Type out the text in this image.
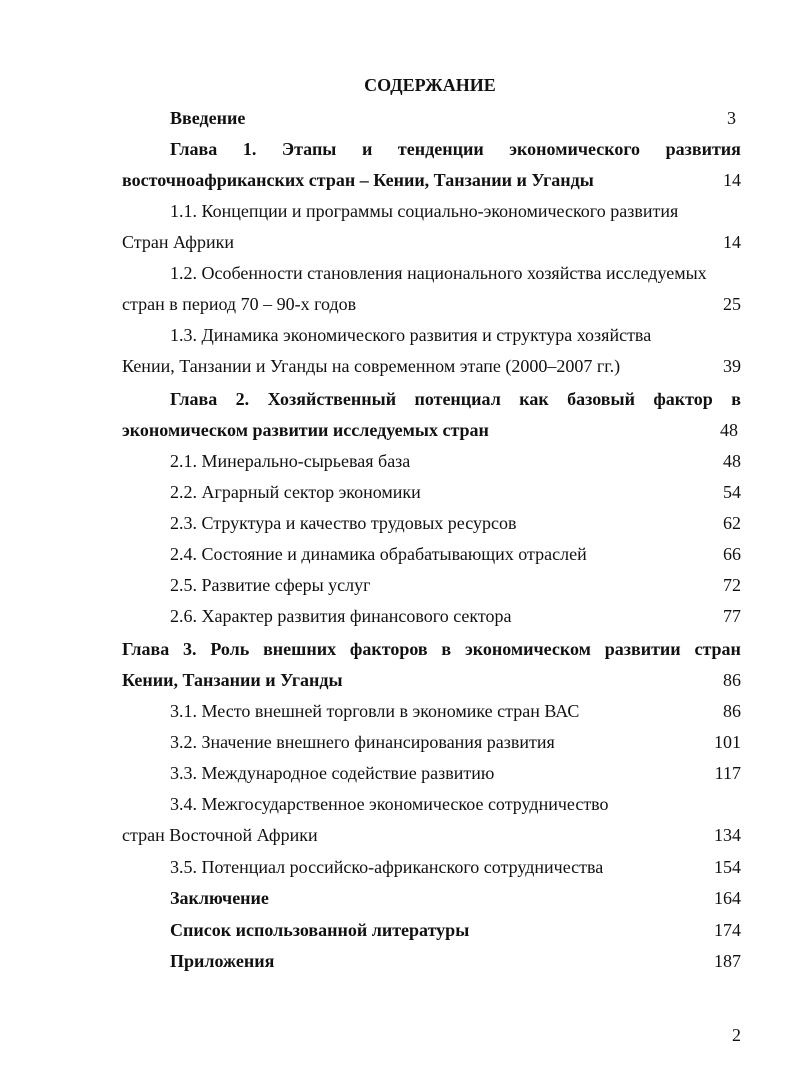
СОДЕРЖАНИЕ
Введение	3
Глава 1. Этапы и тенденции экономического развития
восточноафриканских стран – Кении, Танзании и Уганды	14
1.1. Концепции и программы социально-экономического развития
Стран Африки	14
1.2. Особенности становления национального хозяйства исследуемых
стран в период 70 – 90-х годов	25
1.3. Динамика экономического развития и структура хозяйства
Кении, Танзании и Уганды на современном этапе (2000–2007 гг.)	39
Глава 2. Хозяйственный потенциал как базовый фактор в
экономическом развитии исследуемых стран	48
2.1. Минерально-сырьевая база	48
2.2. Аграрный сектор экономики	54
2.3. Структура и качество трудовых ресурсов	62
2.4. Состояние и динамика обрабатывающих отраслей	66
2.5. Развитие сферы услуг	72
2.6. Характер развития финансового сектора	77
Глава 3. Роль внешних факторов в экономическом развитии стран
Кении, Танзании и Уганды	86
3.1. Место внешней торговли в экономике стран ВАС	86
3.2. Значение внешнего финансирования развития	101
3.3. Международное содействие развитию	117
3.4. Межгосударственное экономическое сотрудничество
стран Восточной Африки	134
3.5. Потенциал российско-африканского сотрудничества	154
Заключение	164
Список использованной литературы	174
Приложения	187
2
